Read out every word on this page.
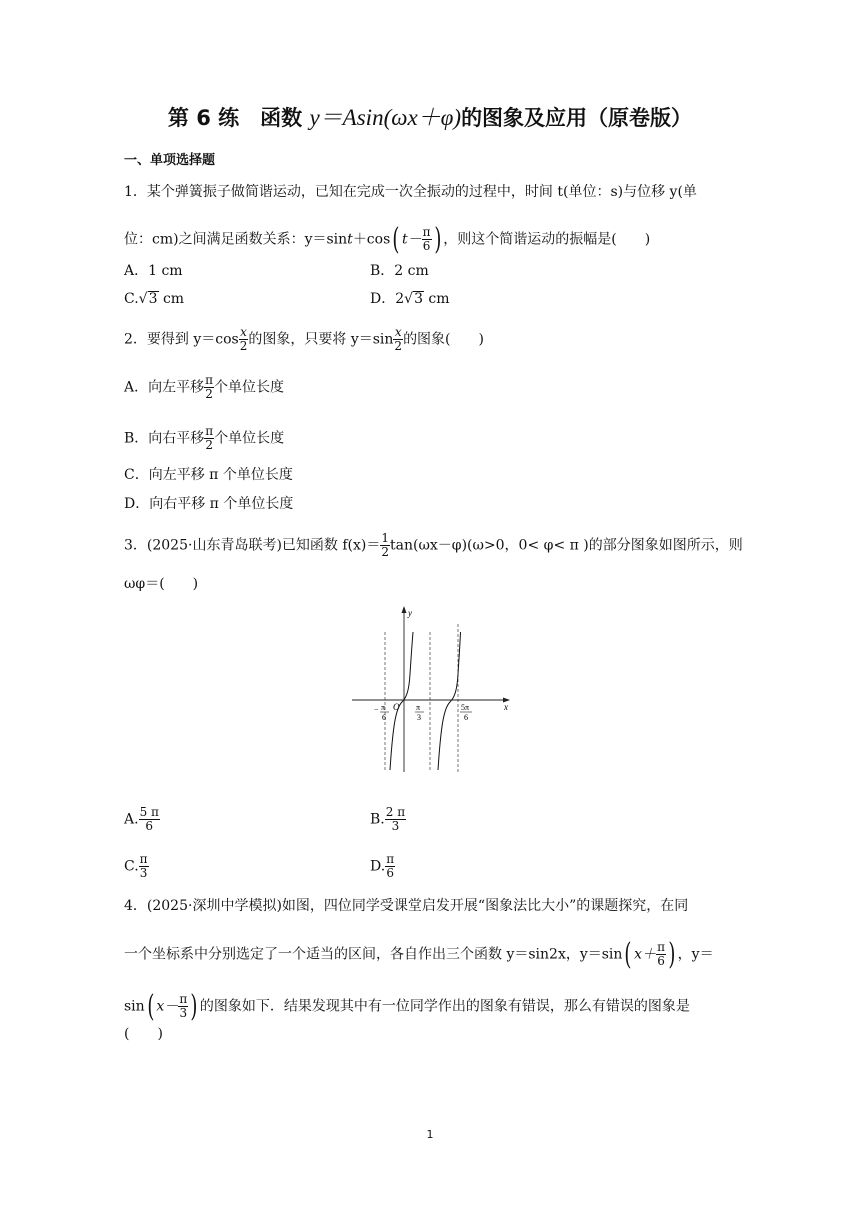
第 6 练　函数 y＝Asin(ωx＋φ)的图象及应用（原卷版）
一、单项选择题
1．某个弹簧振子做简谐运动，已知在完成一次全振动的过程中，时间 t(单位：s)与位移 y(单
位：cm)之间满足函数关系：y＝sint＋cos( $t- \frac{\pi}{6}$ ) ，则这个简谐运动的振幅是(　　)
A．1 cm	B．2 cm
C.√3 cm	D．2√3 cm
2．要得到 $y=\cos \frac{x}{2}$ 的图象，只要将 $y=\sin \frac{x}{2}$ 的图象(　　)
A．向左平移 $\frac{\pi}{2}$ 个单位长度
B．向右平移 $\frac{\pi}{2}$ 个单位长度
C．向左平移 π 个单位长度
D．向右平移 π 个单位长度
3．(2025·山东青岛联考)已知函数 $f(x)= \frac{1}{2} \tan(\omega x-\varphi)(\omega>0$，0< φ< π )的部分图象如图所示，则
ωφ＝(　　)
y
x
O
− π
6
π
3
5π
6
A. $\frac{5 \pi}{6}$	B. $\frac{2 \pi}{3}$
C. $\frac{\pi}{3}$	D. $\frac{\pi}{6}$
4．(2025·深圳中学模拟)如图，四位同学受课堂启发开展“图象法比大小”的课题探究，在同
一个坐标系中分别选定了一个适当的区间，各自作出三个函数 y＝sin2x，y＝sin( $x+ \frac{\pi}{6}$ ) ，y＝
sin( $x- \frac{\pi}{3}$ ) 的图象如下．结果发现其中有一位同学作出的图象有错误，那么有错误的图象是
(　　)
1
